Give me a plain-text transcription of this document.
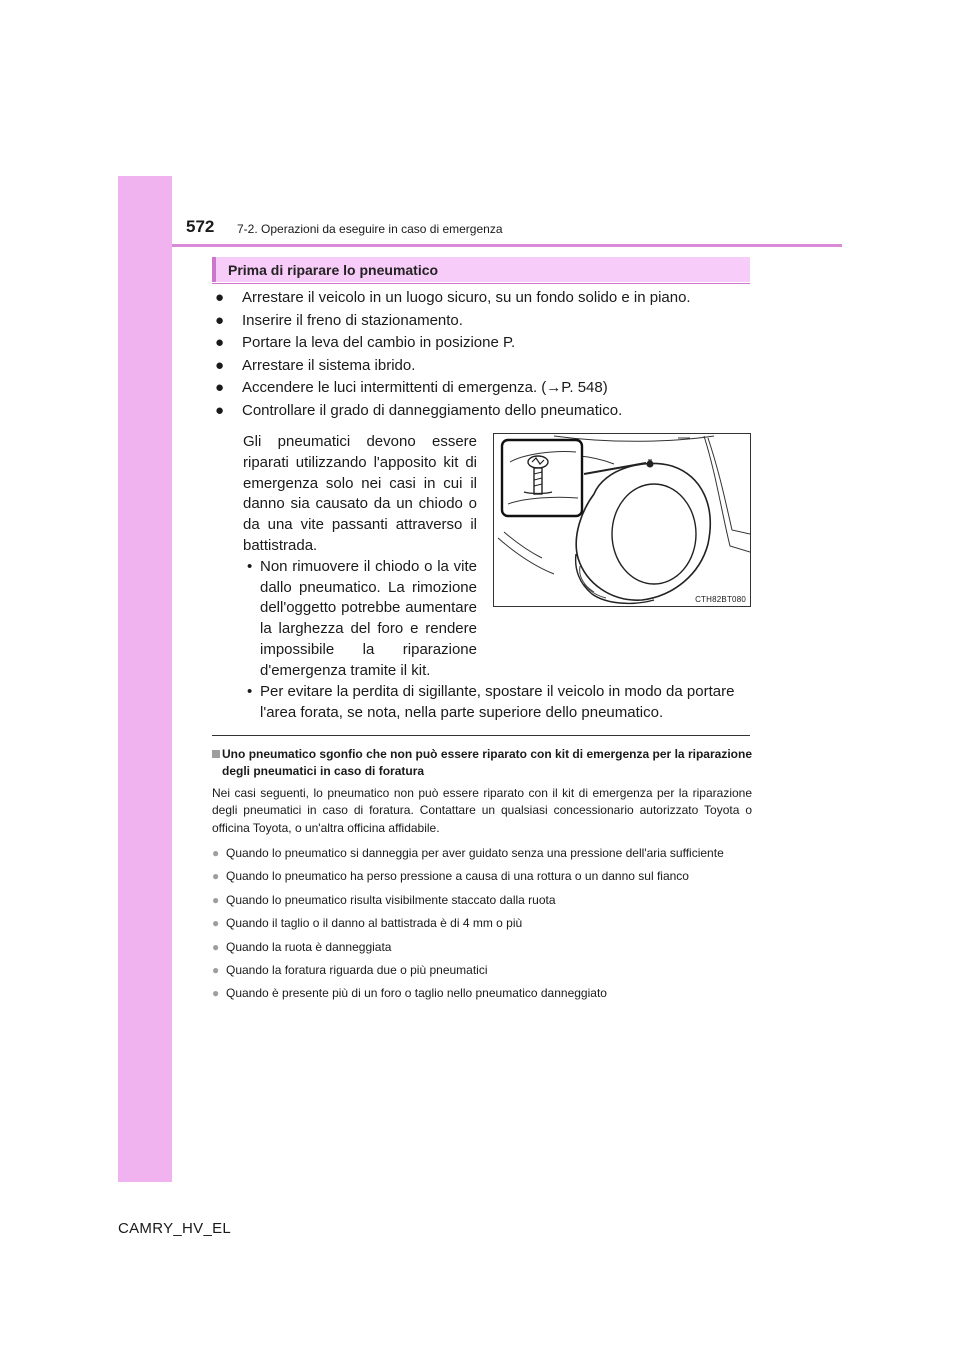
572 7-2. Operazioni da eseguire in caso di emergenza
Prima di riparare lo pneumatico
● Arrestare il veicolo in un luogo sicuro, su un fondo solido e in piano.
● Inserire il freno di stazionamento.
● Portare la leva del cambio in posizione P.
● Arrestare il sistema ibrido.
● Accendere le luci intermittenti di emergenza. (→P. 548)
● Controllare il grado di danneggiamento dello pneumatico.

Gli pneumatici devono essere riparati utilizzando l'apposito kit di emergenza solo nei casi in cui il danno sia causato da un chiodo o da una vite passanti attraverso il battistrada.

• Non rimuovere il chiodo o la vite dallo pneumatico. La rimozione dell'oggetto potrebbe aumentare la larghezza del foro e rendere impossibile la riparazione d'emergenza tramite il kit.

• Per evitare la perdita di sigillante, spostare il veicolo in modo da portare l'area forata, se nota, nella parte superiore dello pneumatico.

CTH82BT080
Uno pneumatico sgonfio che non può essere riparato con kit di emergenza per la riparazione degli pneumatici in caso di foratura
Nei casi seguenti, lo pneumatico non può essere riparato con il kit di emergenza per la riparazione degli pneumatici in caso di foratura. Contattare un qualsiasi concessionario autorizzato Toyota o officina Toyota, o un'altra officina affidabile.
● Quando lo pneumatico si danneggia per aver guidato senza una pressione dell'aria sufficiente
● Quando lo pneumatico ha perso pressione a causa di una rottura o un danno sul fianco
● Quando lo pneumatico risulta visibilmente staccato dalla ruota
● Quando il taglio o il danno al battistrada è di 4 mm o più
● Quando la ruota è danneggiata
● Quando la foratura riguarda due o più pneumatici
● Quando è presente più di un foro o taglio nello pneumatico danneggiato
CAMRY_HV_EL
